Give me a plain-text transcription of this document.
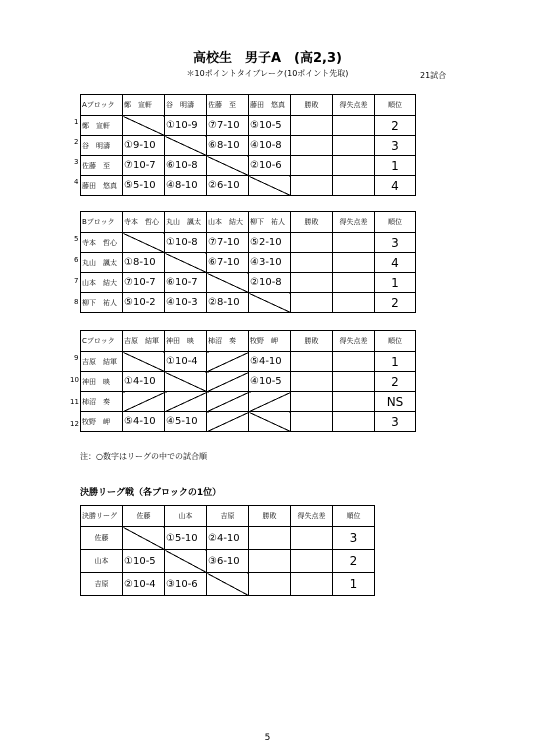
高校生　男子A　(高2,3)
＊10ポイントタイブレーク(10ポイント先取)	21試合
Aブロック	鄭　宣軒	谷　明濤	佐藤　至	藤田　悠真	勝敗	得失点差	順位
鄭　宣軒		①10-9	⑦7-10	⑤10-5			2
谷　明濤	①9-10		⑥8-10	④10-8			3
佐藤　至	⑦10-7	⑥10-8		②10-6			1
藤田　悠真	⑤5-10	④8-10	②6-10				4
1
2
3
4
Bブロック	寺本　哲心	丸山　諷太	山本　結大	柳下　祐人	勝敗	得失点差	順位
寺本　哲心		①10-8	⑦7-10	⑤2-10			3
丸山　諷太	①8-10		⑥7-10	④3-10			4
山本　結大	⑦10-7	⑥10-7		②10-8			1
柳下　祐人	⑤10-2	④10-3	②8-10				2
5
6
7
8
Cブロック	吉原　結軍	神田　映	柿沼　奏	牧野　岬	勝敗	得失点差	順位
吉原　結軍		①10-4		⑤4-10			1
神田　映	①4-10			④10-5			2
柿沼　奏							NS
牧野　岬	⑤4-10	④5-10					3
9
10
11
12
注：○数字はリーグの中での試合順
決勝リーグ戦（各ブロックの1位）
決勝リーグ	佐藤	山本	吉原	勝敗	得失点差	順位
佐藤		①5-10	②4-10			3
山本	①10-5		③6-10			2
吉原	②10-4	③10-6				1
5
